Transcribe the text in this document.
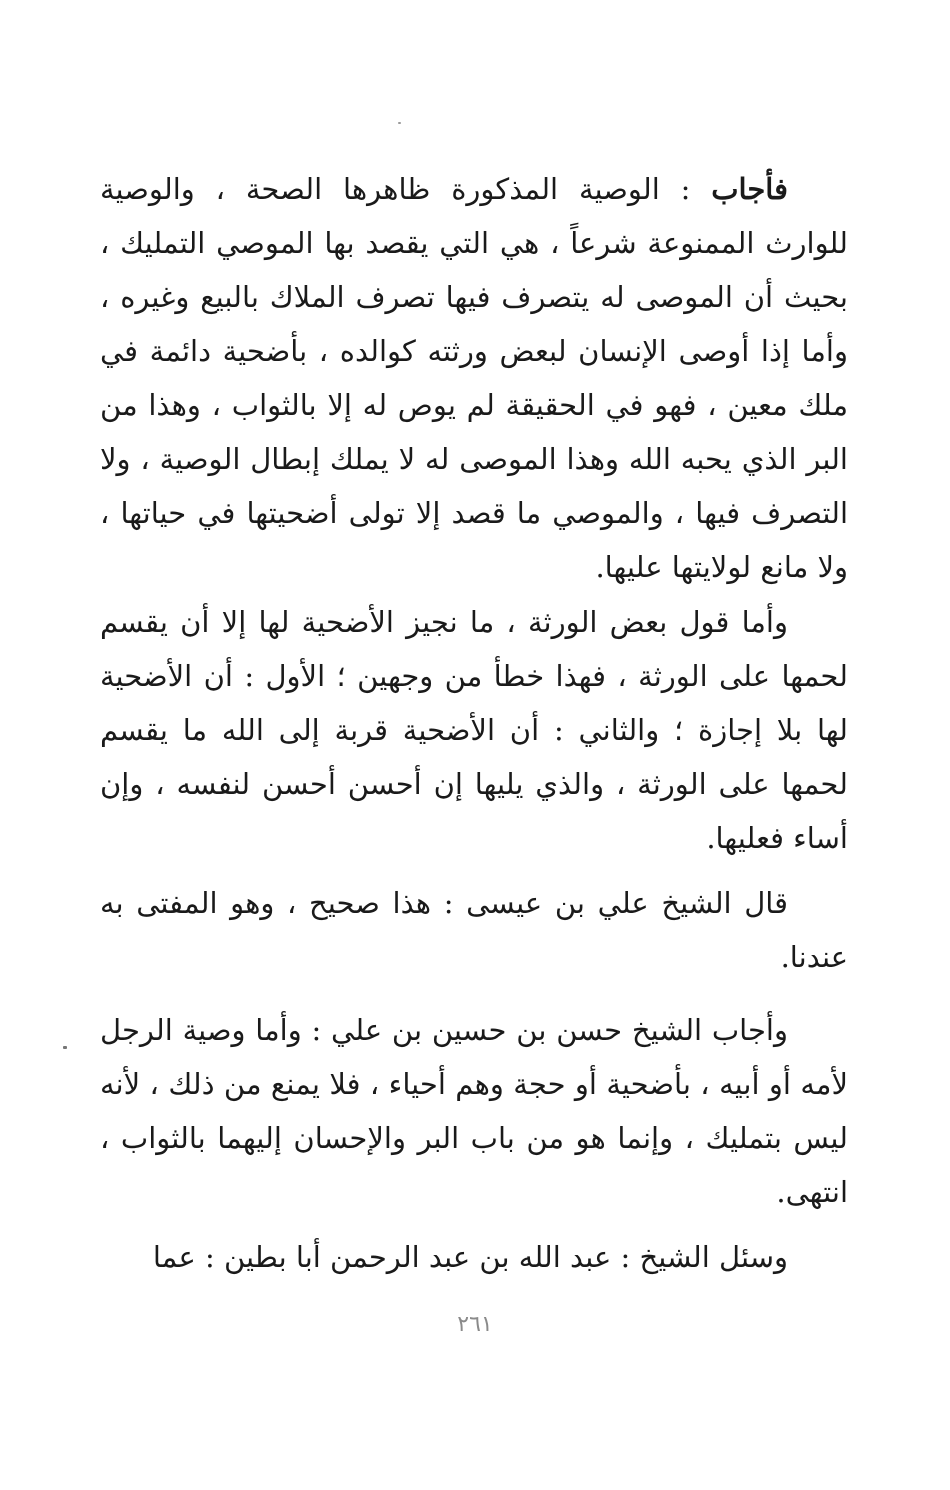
فأجاب : الوصية المذكورة ظاهرها الصحة ، والوصية للوارث الممنوعة شرعاً ، هي التي يقصد بها الموصي التمليك ، بحيث أن الموصى له يتصرف فيها تصرف الملاك بالبيع وغيره ، وأما إذا أوصى الإنسان لبعض ورثته كوالده ، بأضحية دائمة في ملك معين ، فهو في الحقيقة لم يوص له إلا بالثواب ، وهذا من البر الذي يحبه الله وهذا الموصى له لا يملك إبطال الوصية ، ولا التصرف فيها ، والموصي ما قصد إلا تولى أضحيتها في حياتها ، ولا مانع لولايتها عليها.

وأما قول بعض الورثة ، ما نجيز الأضحية لها إلا أن يقسم لحمها على الورثة ، فهذا خطأ من وجهين ؛ الأول : أن الأضحية لها بلا إجازة ؛ والثاني : أن الأضحية قربة إلى الله ما يقسم لحمها على الورثة ، والذي يليها إن أحسن أحسن لنفسه ، وإن أساء فعليها.

قال الشيخ علي بن عيسى : هذا صحيح ، وهو المفتى به عندنا.

وأجاب الشيخ حسن بن حسين بن علي : وأما وصية الرجل لأمه أو أبيه ، بأضحية أو حجة وهم أحياء ، فلا يمنع من ذلك ، لأنه ليس بتمليك ، وإنما هو من باب البر والإحسان إليهما بالثواب ، انتهى.

وسئل الشيخ : عبد الله بن عبد الرحمن أبا بطين : عما

٢٦١
